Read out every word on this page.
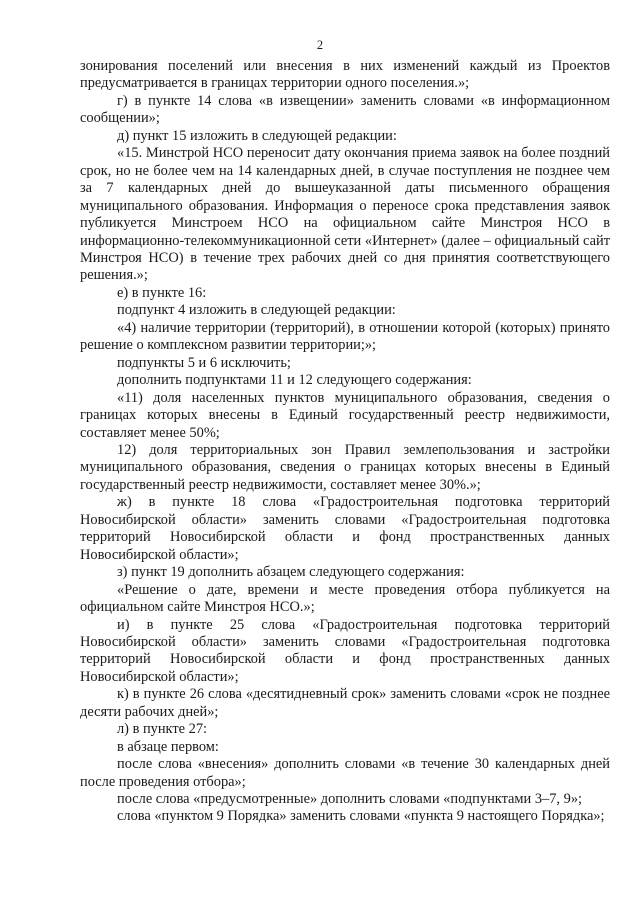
2

зонирования поселений или внесения в них изменений каждый из Проектов предусматривается в границах территории одного поселения.»;

г) в пункте 14 слова «в извещении» заменить словами «в информационном сообщении»;

д) пункт 15 изложить в следующей редакции:

«15. Минстрой НСО переносит дату окончания приема заявок на более поздний срок, но не более чем на 14 календарных дней, в случае поступления не позднее чем за 7 календарных дней до вышеуказанной даты письменного обращения муниципального образования. Информация о переносе срока представления заявок публикуется Минстроем НСО на официальном сайте Минстроя НСО в информационно-телекоммуникационной сети «Интернет» (далее – официальный сайт Минстроя НСО) в течение трех рабочих дней со дня принятия соответствующего решения.»;

е) в пункте 16:

подпункт 4 изложить в следующей редакции:

«4) наличие территории (территорий), в отношении которой (которых) принято решение о комплексном развитии территории;»;

подпункты 5 и 6 исключить;

дополнить подпунктами 11 и 12 следующего содержания:

«11) доля населенных пунктов муниципального образования, сведения о границах которых внесены в Единый государственный реестр недвижимости, составляет менее 50%;

12) доля территориальных зон Правил землепользования и застройки муниципального образования, сведения о границах которых внесены в Единый государственный реестр недвижимости, составляет менее 30%.»;

ж) в пункте 18 слова «Градостроительная подготовка территорий Новосибирской области» заменить словами «Градостроительная подготовка территорий Новосибирской области и фонд пространственных данных Новосибирской области»;

з) пункт 19 дополнить абзацем следующего содержания:

«Решение о дате, времени и месте проведения отбора публикуется на официальном сайте Минстроя НСО.»;

и) в пункте 25 слова «Градостроительная подготовка территорий Новосибирской области» заменить словами «Градостроительная подготовка территорий Новосибирской области и фонд пространственных данных Новосибирской области»;

к) в пункте 26 слова «десятидневный срок» заменить словами «срок не позднее десяти рабочих дней»;

л) в пункте 27:

в абзаце первом:

после слова «внесения» дополнить словами «в течение 30 календарных дней после проведения отбора»;

после слова «предусмотренные» дополнить словами «подпунктами 3–7, 9»;

слова «пунктом 9 Порядка» заменить словами «пункта 9 настоящего Порядка»;
